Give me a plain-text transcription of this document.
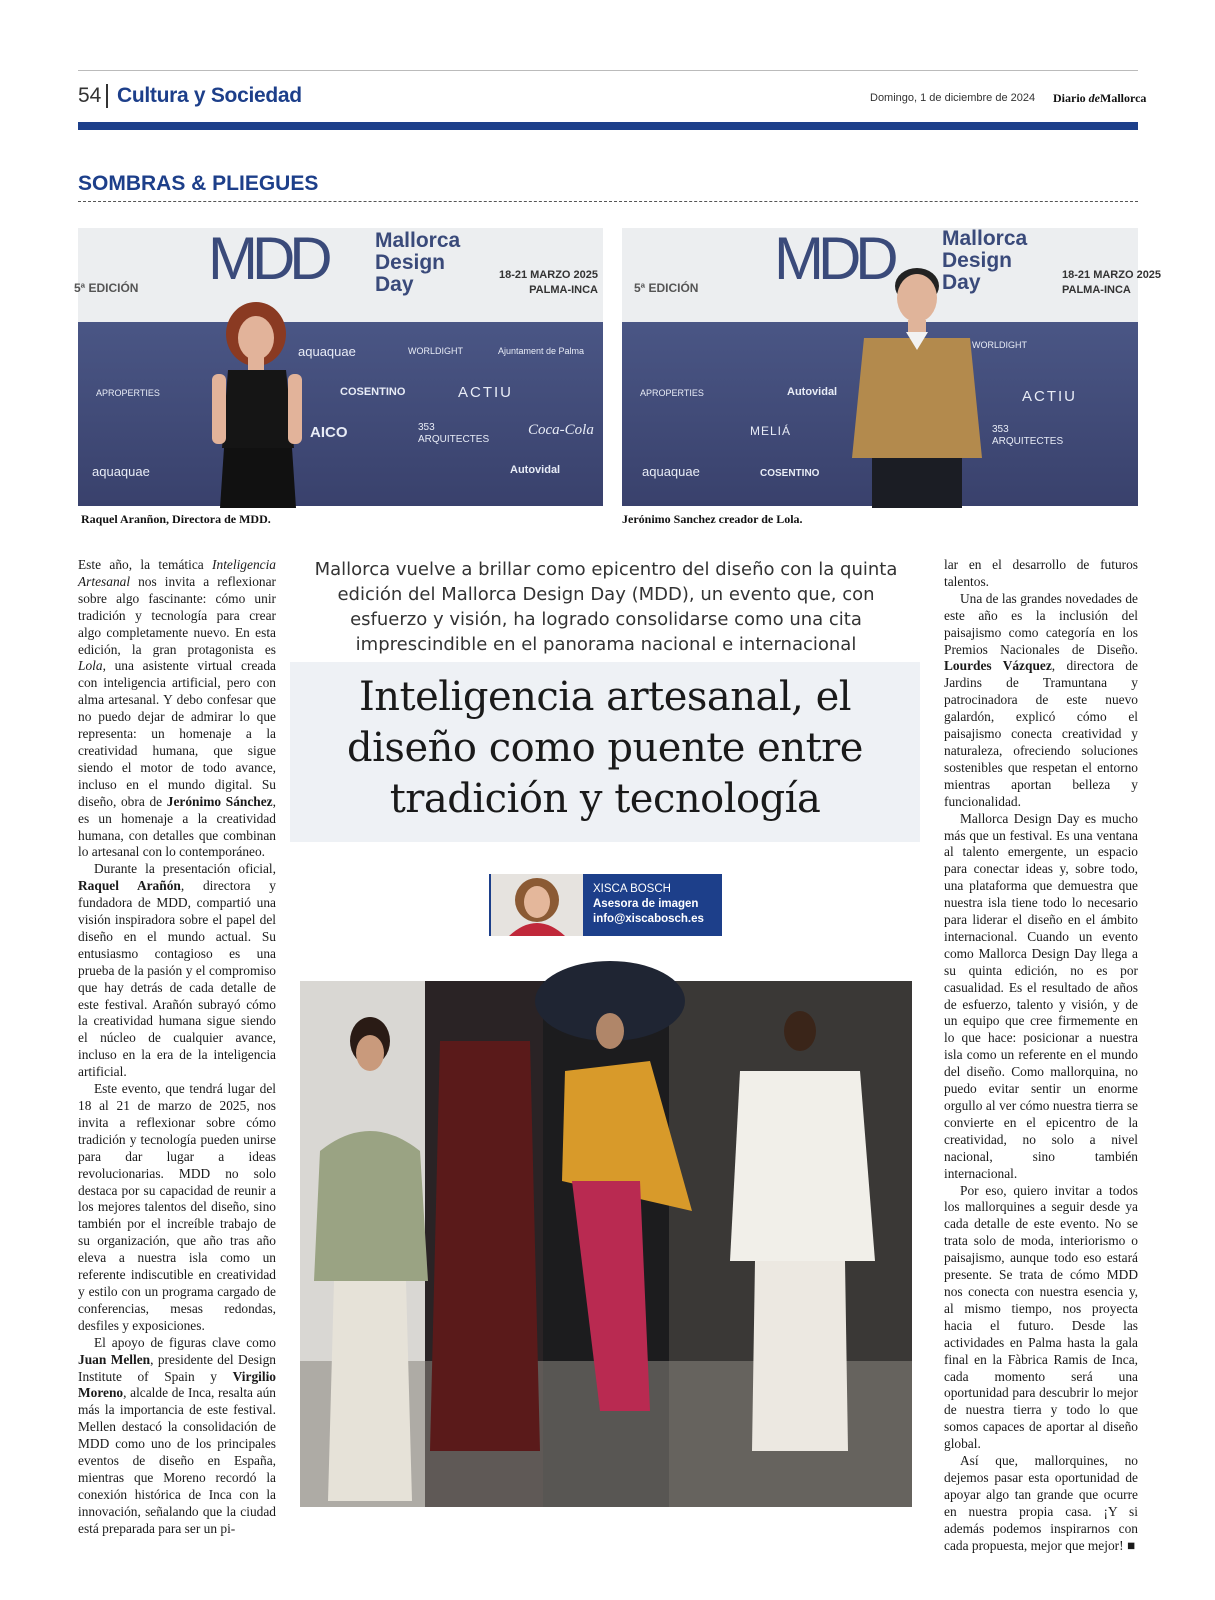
54 Cultura y Sociedad	Domingo, 1 de diciembre de 2024 Diario deMallorca
SOMBRAS & PLIEGUES
MDD Mallorca
Design
Day
5ª EDICIÓN
18-21 MARZO 2025
PALMA-INCA
aquaquae	WORLDIGHT	Ajuntament de Palma
APROPERTIES	COSENTINO	ACTIU
AICO	353 ARQUITECTES
Coca-Cola
Autovidal
aquaquae
Raquel Aranñon, Directora de MDD.
MDD Mallorca
Design
Day
5ª EDICIÓN
18-21 MARZO 2025
PALMA-INCA
APROPERTIES	Autovidal	ACTIU
MELIÁ	353 ARQUITECTES
aquaquae	COSENTINO
WORLDIGHT
Jerónimo Sanchez creador de Lola.
Mallorca vuelve a brillar como epicentro del diseño con la quinta edición del Mallorca Design Day (MDD), un evento que, con esfuerzo y visión, ha logrado consolidarse como una cita imprescindible en el panorama nacional e internacional
Inteligencia artesanal, el diseño como puente entre tradición y tecnología
XISCA BOSCH
Asesora de imagen
info@xiscabosch.es

Este año, la temática Inteligencia Artesanal nos invita a reflexionar sobre algo fascinante: cómo unir tradición y tecnología para crear algo completamente nuevo. En esta edición, la gran protagonista es Lola, una asistente virtual creada con inteligencia artificial, pero con alma artesanal. Y debo confesar que no puedo dejar de admirar lo que representa: un homenaje a la creatividad humana, que sigue siendo el motor de todo avance, incluso en el mundo digital. Su diseño, obra de Jerónimo Sánchez, es un homenaje a la creatividad humana, con detalles que combinan lo artesanal con lo contemporáneo.

Durante la presentación oficial, Raquel Arañón, directora y fundadora de MDD, compartió una visión inspiradora sobre el papel del diseño en el mundo actual. Su entusiasmo contagioso es una prueba de la pasión y el compromiso que hay detrás de cada detalle de este festival. Arañón subrayó cómo la creatividad humana sigue siendo el núcleo de cualquier avance, incluso en la era de la inteligencia artificial.

Este evento, que tendrá lugar del 18 al 21 de marzo de 2025, nos invita a reflexionar sobre cómo tradición y tecnología pueden unirse para dar lugar a ideas revolucionarias. MDD no solo destaca por su capacidad de reunir a los mejores talentos del diseño, sino también por el increíble trabajo de su organización, que año tras año eleva a nuestra isla como un referente indiscutible en creatividad y estilo con un programa cargado de conferencias, mesas redondas, desfiles y exposiciones.

El apoyo de figuras clave como Juan Mellen, presidente del Design Institute of Spain y Virgilio Moreno, alcalde de Inca, resalta aún más la importancia de este festival. Mellen destacó la consolidación de MDD como uno de los principales eventos de diseño en España, mientras que Moreno recordó la conexión histórica de Inca con la innovación, señalando que la ciudad está preparada para ser un pi-

lar en el desarrollo de futuros talentos.

Una de las grandes novedades de este año es la inclusión del paisajismo como categoría en los Premios Nacionales de Diseño. Lourdes Vázquez, directora de Jardins de Tramuntana y patrocinadora de este nuevo galardón, explicó cómo el paisajismo conecta creatividad y naturaleza, ofreciendo soluciones sostenibles que respetan el entorno mientras aportan belleza y funcionalidad.

Mallorca Design Day es mucho más que un festival. Es una ventana al talento emergente, un espacio para conectar ideas y, sobre todo, una plataforma que demuestra que nuestra isla tiene todo lo necesario para liderar el diseño en el ámbito internacional. Cuando un evento como Mallorca Design Day llega a su quinta edición, no es por casualidad. Es el resultado de años de esfuerzo, talento y visión, y de un equipo que cree firmemente en lo que hace: posicionar a nuestra isla como un referente en el mundo del diseño. Como mallorquina, no puedo evitar sentir un enorme orgullo al ver cómo nuestra tierra se convierte en el epicentro de la creatividad, no solo a nivel nacional, sino también internacional.

Por eso, quiero invitar a todos los mallorquines a seguir desde ya cada detalle de este evento. No se trata solo de moda, interiorismo o paisajismo, aunque todo eso estará presente. Se trata de cómo MDD nos conecta con nuestra esencia y, al mismo tiempo, nos proyecta hacia el futuro. Desde las actividades en Palma hasta la gala final en la Fàbrica Ramis de Inca, cada momento será una oportunidad para descubrir lo mejor de nuestra tierra y todo lo que somos capaces de aportar al diseño global.

Así que, mallorquines, no dejemos pasar esta oportunidad de apoyar algo tan grande que ocurre en nuestra propia casa. ¡Y si además podemos inspirarnos con cada propuesta, mejor que mejor! ■
